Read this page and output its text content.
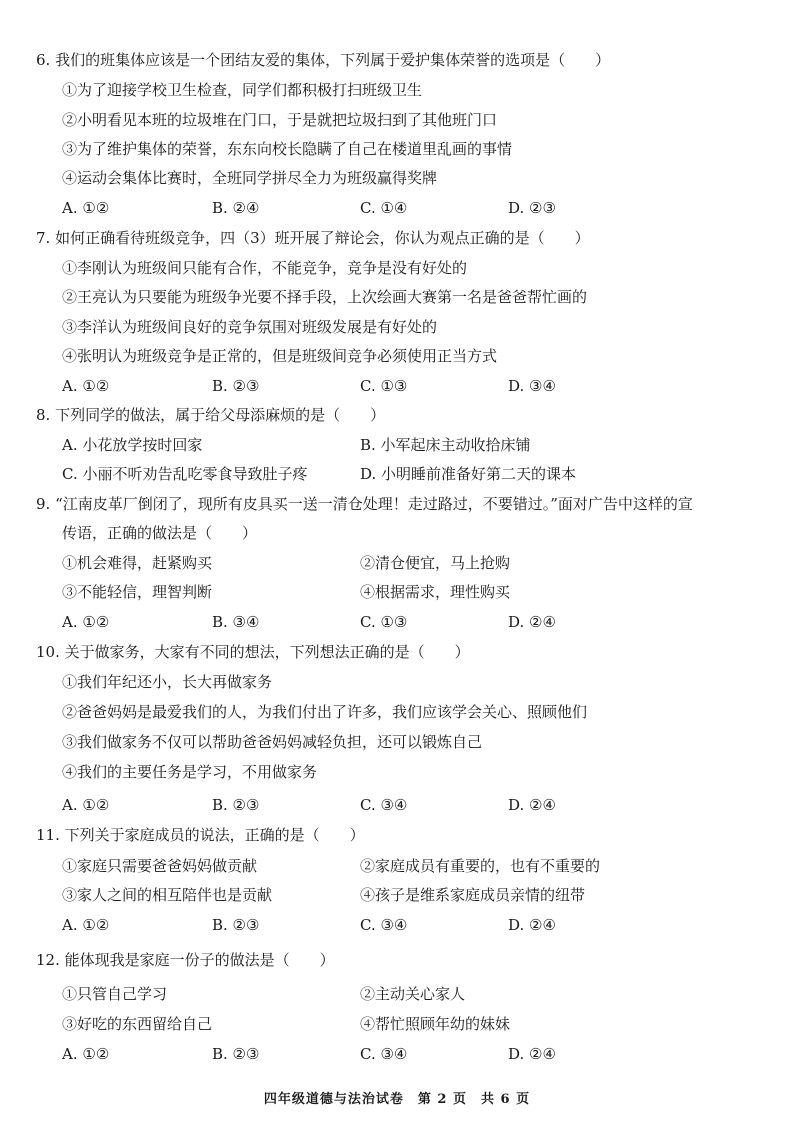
6. 我们的班集体应该是一个团结友爱的集体，下列属于爱护集体荣誉的选项是（　　）
①为了迎接学校卫生检查，同学们都积极打扫班级卫生
②小明看见本班的垃圾堆在门口，于是就把垃圾扫到了其他班门口
③为了维护集体的荣誉，东东向校长隐瞒了自己在楼道里乱画的事情
④运动会集体比赛时，全班同学拼尽全力为班级赢得奖牌
A. ①②	B. ②④	C. ①④	D. ②③
7. 如何正确看待班级竞争，四（3）班开展了辩论会，你认为观点正确的是（　　）
①李刚认为班级间只能有合作，不能竞争，竞争是没有好处的
②王亮认为只要能为班级争光要不择手段，上次绘画大赛第一名是爸爸帮忙画的
③李洋认为班级间良好的竞争氛围对班级发展是有好处的
④张明认为班级竞争是正常的，但是班级间竞争必须使用正当方式
A. ①②	B. ②③	C. ①③	D. ③④
8. 下列同学的做法，属于给父母添麻烦的是（　　）
A. 小花放学按时回家	B. 小军起床主动收拾床铺
C. 小丽不听劝告乱吃零食导致肚子疼	D. 小明睡前准备好第二天的课本
9. “江南皮革厂倒闭了，现所有皮具买一送一清仓处理！走过路过，不要错过。”面对广告中这样的宣
传语，正确的做法是（　　）
①机会难得，赶紧购买	②清仓便宜，马上抢购
③不能轻信，理智判断	④根据需求，理性购买
A. ①②	B. ③④	C. ①③	D. ②④
10. 关于做家务，大家有不同的想法，下列想法正确的是（　　）
①我们年纪还小，长大再做家务
②爸爸妈妈是最爱我们的人，为我们付出了许多，我们应该学会关心、照顾他们
③我们做家务不仅可以帮助爸爸妈妈减轻负担，还可以锻炼自己
④我们的主要任务是学习，不用做家务
A. ①②	B. ②③	C. ③④	D. ②④
11. 下列关于家庭成员的说法，正确的是（　　）
①家庭只需要爸爸妈妈做贡献	②家庭成员有重要的，也有不重要的
③家人之间的相互陪伴也是贡献	④孩子是维系家庭成员亲情的纽带
A. ①②	B. ②③	C. ③④	D. ②④
12. 能体现我是家庭一份子的做法是（　　）
①只管自己学习	②主动关心家人
③好吃的东西留给自己	④帮忙照顾年幼的妹妹
A. ①②	B. ②③	C. ③④	D. ②④
四年级道德与法治试卷　第 2 页　共 6 页
